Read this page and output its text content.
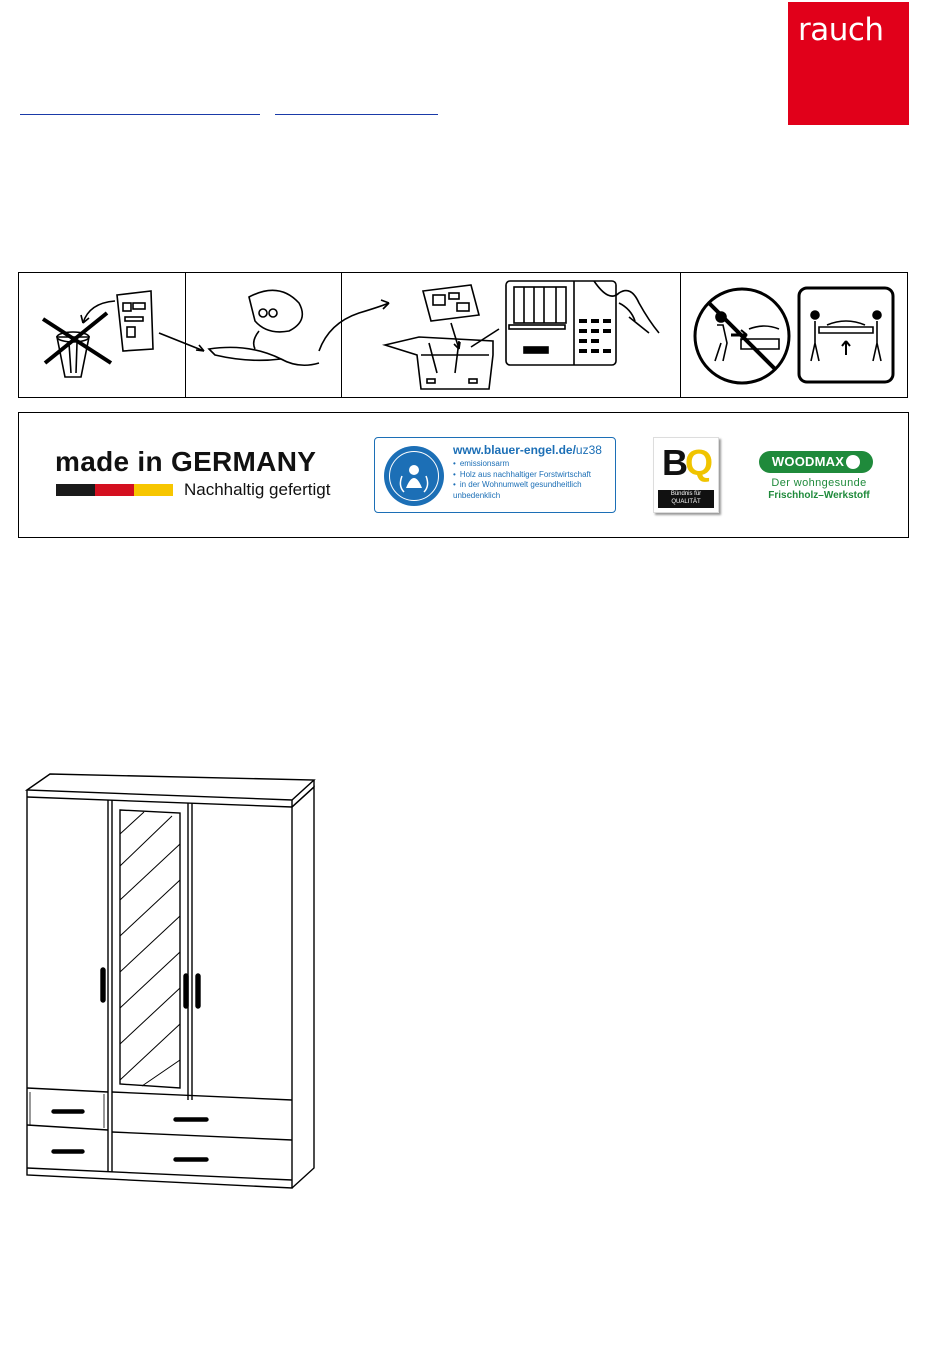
rauch
made in GERMANY
Nachhaltig gefertigt
www.blauer-engel.de/uz38
• emissionsarm
• Holz aus nachhaltiger Forstwirtschaft
• in der Wohnumwelt gesundheitlich unbedenklich
BQ
Bündnis für QUALITÄT
WOODMAX
Der wohngesunde
Frischholz–Werkstoff
